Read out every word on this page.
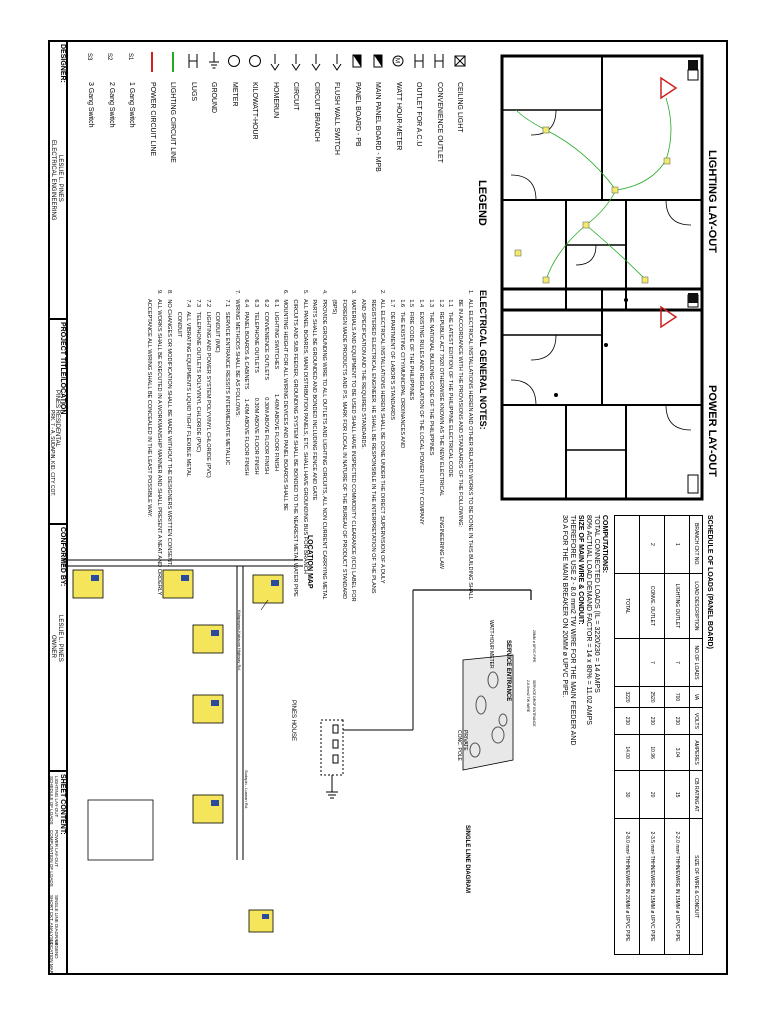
LIGHTING LAY-OUT
POWER LAY-OUT
SCHEDULE OF LOADS (PANEL BOARD)
BRANCH CKT NO.	LOAD DESCRIPTION	NO.OF LOADS	VA	VOLTS	AMPERES	CB RATING AT	SIZE OF WIRE & CONDUIT
1	LIGHTING OUTLET	7	700	230	3.04	15	2-2.0 mm² THHN/EWIRE IN 15MM ø UPVC PIPE
2	CONVE. OUTLET	7	2520	230	10.96	20	2-3.5 mm² THHN/EWIRE IN 15MM ø UPVC PIPE
	TOTAL		3220	230	14.00	30	2-8.0 mm² THHN/EWIRE IN 20MM ø UPVC PIPE
COMPUTATIONS:
TOTAL CONNECTED LOADS (IL = 3220/230 = 14 AMPS
80% ACTUAL LOAD DEMAND FACTOR = 14 x 80% = 11.02 AMPS
SIZE OF MAIN WIRE & CONDUIT:
THEREFORE USE 2 - 8.0 mm2 TW WIRE FOR THE MAIN FEEDER AND
30 A FOR THE MAIN BREAKER ON 20MM ø UPVC PIPE.
LEGEND
CEILING LIGHT
CONVENIENCE OUTLET
OUTLET FOR A.C.U
M
WATT HOUR-METER
MAIN PANEL BOARD - MPB
PANEL BOARD - PB
FLUSH WALL SWITCH
CIRCUIT BRANCH
CIRCUIT
HOMERUN
KILOWATT-HOUR
METER
GROUND
LUGS
LIGHTING CIRCUIT LINE
POWER CIRCUIT LINE
S1
1 Gang Switch
S2
2 Gang Switch
S3
3 Gang Switch
ELECTRICAL GENERAL NOTES:
1.   ALL ELECTRICAL INSTALLATIONS HEREIN AND OTHER RELATED WORKS TO BE DONE IN THIS BUILDING SHALL
BE IN ACCORDANCE WITH THE PROVISIONS AND STANDARDS OF THE FOLLOWING:
1.1   THE LATEST EDITION OF THE PHILIPPINE ELECTRICAL CODE
1.2   REPUBLIC ACT 7920 OTHERWISE KNOWN AS THE NEW ELECTRICAL             ENGINEERING LAW
1.3   THE NATIONAL BUILDING CODE OF THE PHILIPPINES
1.4   EXISTING RULES AND REGULATION OF THE LOCAL POWER UTILITY COMPANY
1.5   FIRE CODE OF THE PHILIPPINES
1.6   THE EXISTING CITY/MUNICIPAL ORDINANCES AND
1.7   DEPARTMENT OF LABOR'S STANDARDS
2.   ALL ELECTRICAL INSTALLATIONS HEREIN SHALL BE DONE UNDER THE DIRECT SUPERVISION OF A DULY
REGISTERED ELECTRICAL ENGINEER. HE SHALL BE RESPONSIBLE IN THE INTERPRETATION OF THE PLANS
AND SPECIFICATION AND THE REQUIRED STANDARDS.
3.   MATERIALS AND EQUIPMENT TO BE USED SHALL HAVE INSPECTED COMMODITY CLEARANCE (ICC) LABEL FOR
FOREIGN MADE PRODUCTS AND P.S. MARK FOR LOCAL IN NATURE OF THE BUREAU OF PRODUCT STANDARD
(BPS)
4.   PROVIDE GROUNDING WIRE TO ALL OUTLETS AND LIGHTING CIRCUITS, ALL NON CURRENT CARRYING METAL
PARTS SHALL BE GROUNDED AND BONDED INCLUDING FENCE AND GATE
5.   ALL PANEL BOARDS, MAIN DISTRIBUTION PANELS, ETC. SHALL HAVE GROUNDING BUS FOR BRANCH
CIRCUITS AND SUB FEEDER, GROUNDING SYSTEM SHALL BE BONDED TO THE NEAREST METAL WATER PIPE
6.   MOUNTING HEIGHT FOR ALL WIRING DEVICES AND PANEL BOARDS SHALL BE
6.1   LIGHTING SWITCHES                1.40M ABOVE FLOOR FINISH
6.2   CONVENIENCE OUTLETS           0.30M ABOVE FLOOR FINISH
6.3   TELEPHONE OUTLETS                0.30M ABOVE FLOOR FINISH
6.4   PANEL BOARDS & CABINETS      1.40M ABOVE FLOOR FINISH
7.   WIRING METHODS SHALL BE AS FOLLOWS:
7.1   SERVICE ENTRANCE RESSITS INTERMEDIATE METALLIC
CONDUIT (IMC)
7.2   LIGHTING AND POWER SYSTEM POLYVINYL CHLORIDE (PVC)
7.3   TELEPHONE OUTLETS POLYVINYL CHLORIDE (PVC)
7.4   ALL VIBRATING EQUIPMENTS LIQUID TIGHT FLEXIBLE METAL
CONDUIT
8.   NO CHANGES OR MODIFICATION SHALL BE MADE WITHOUT THE DESIGNERS WRITTEN CONSENT.
9.   ALL WORKS SHALL BE EXECUTED IN A WORKMANSHIP MANNER AND SHALL PRESENT A NEAT AND ORDERLY
ACCEPTANCE ALL WIRING SHALL BE CONCEALED IN THE LEAST POSSIBLE WAY.
SERVICE ENTRANCE
PRIVATE
CONC. POLE
WATT-HOUR METER	20MM ø UPVC PIPE
SERVICE DROP ENTRANCE
2-8.0mm2 TW WIRE
SINGLE LINE DIAGRAM
LOCATION MAP
Kidapawan-Kabacan Highway Rd.
Sudapin - Luanan Rd.
PINES HOUSE
DESIGNER:
LESLIE L. PINES
ELECTRICAL ENGINEERING
PROJECT TITLE/LOCATION
PINES RESIDENTAL
PRK. 7 - A, SUDAPIN, KID. CITY COT.
CONFORMED BY:
LESLIE L. PINES
OWNER
SHEET CONTENT:
LIGHTING LAY-OUT
POWER LAY-OUT
SCHEDULE OF LOADS
COMPUTATION OF LOADS
SINGLE LINE DIAGRAM
SHORT CKT. ANALYSIS
LEGEND
LOCATION MAP
